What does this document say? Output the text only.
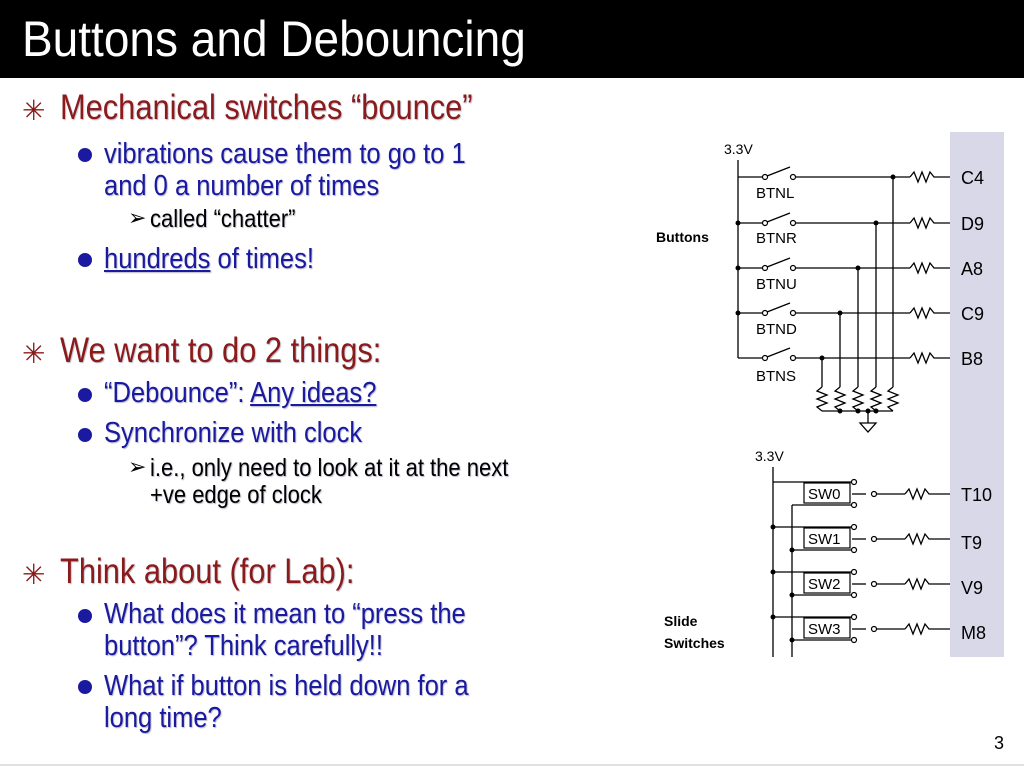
Buttons and Debouncing
✳ Mechanical switches “bounce”
vibrations cause them to go to 1
and 0 a number of times
➢ called “chatter”
hundreds of times!
✳ We want to do 2 things:
“Debounce”: Any ideas?
Synchronize with clock
➢ i.e., only need to look at it at the next
+ve edge of clock
✳ Think about (for Lab):
What does it mean to “press the
button”? Think carefully!!
What if button is held down for a
long time?
3.3V
Buttons
BTNL
BTNR
BTNU
BTND
BTNS
C4
D9
A8
C9
B8
3.3V
Slide
Switches
SW0
SW1
SW2
SW3
T10
T9
V9
M8
3
